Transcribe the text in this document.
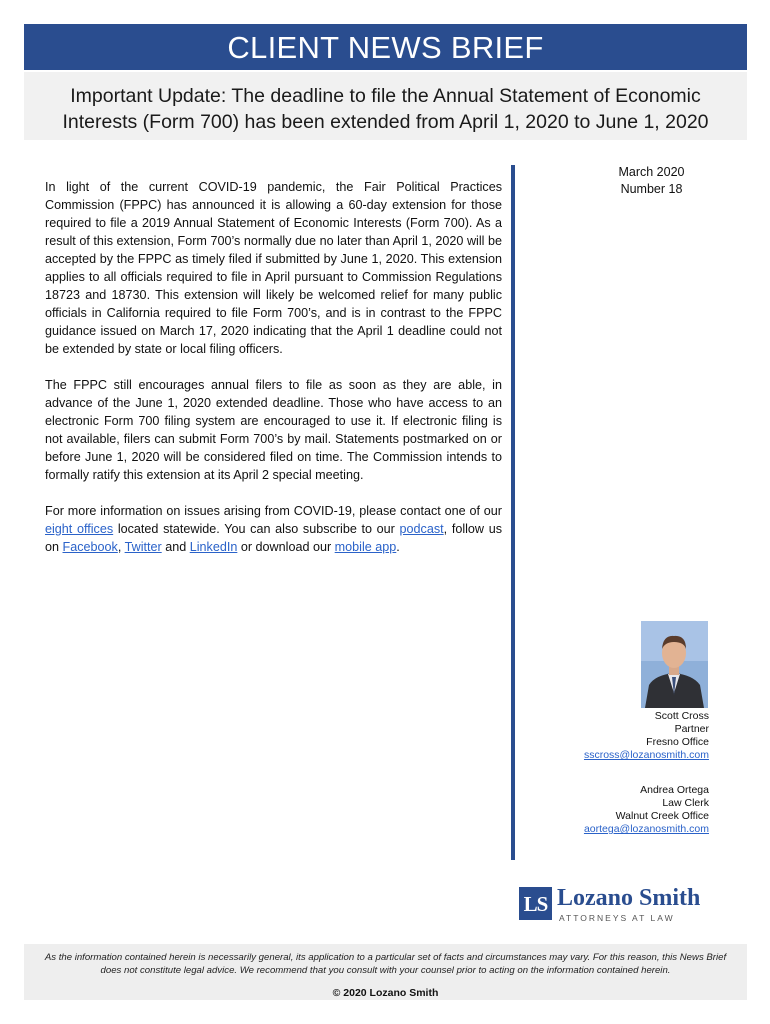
CLIENT NEWS BRIEF
Important Update: The deadline to file the Annual Statement of Economic
Interests (Form 700) has been extended from April 1, 2020 to June 1, 2020

In light of the current COVID-19 pandemic, the Fair Political Practices Commission (FPPC) has announced it is allowing a 60-day extension for those required to file a 2019 Annual Statement of Economic Interests (Form 700). As a result of this extension, Form 700’s normally due no later than April 1, 2020 will be accepted by the FPPC as timely filed if submitted by June 1, 2020. This extension applies to all officials required to file in April pursuant to Commission Regulations 18723 and 18730. This extension will likely be welcomed relief for many public officials in California required to file Form 700’s, and is in contrast to the FPPC guidance issued on March 17, 2020 indicating that the April 1 deadline could not be extended by state or local filing officers.

The FPPC still encourages annual filers to file as soon as they are able, in advance of the June 1, 2020 extended deadline. Those who have access to an electronic Form 700 filing system are encouraged to use it. If electronic filing is not available, filers can submit Form 700’s by mail. Statements postmarked on or before June 1, 2020 will be considered filed on time. The Commission intends to formally ratify this extension at its April 2 special meeting.

For more information on issues arising from COVID-19, please contact one of our eight offices located statewide. You can also subscribe to our podcast, follow us on Facebook, Twitter and LinkedIn or download our mobile app.

March 2020
Number 18
Scott Cross
Partner
Fresno Office
sscross@lozanosmith.com
Andrea Ortega
Law Clerk
Walnut Creek Office
aortega@lozanosmith.com
LS Lozano Smith
ATTORNEYS AT LAW
As the information contained herein is necessarily general, its application to a particular set of facts and circumstances may vary. For this reason, this News Brief does not constitute legal advice. We recommend that you consult with your counsel prior to acting on the information contained herein.
© 2020 Lozano Smith
